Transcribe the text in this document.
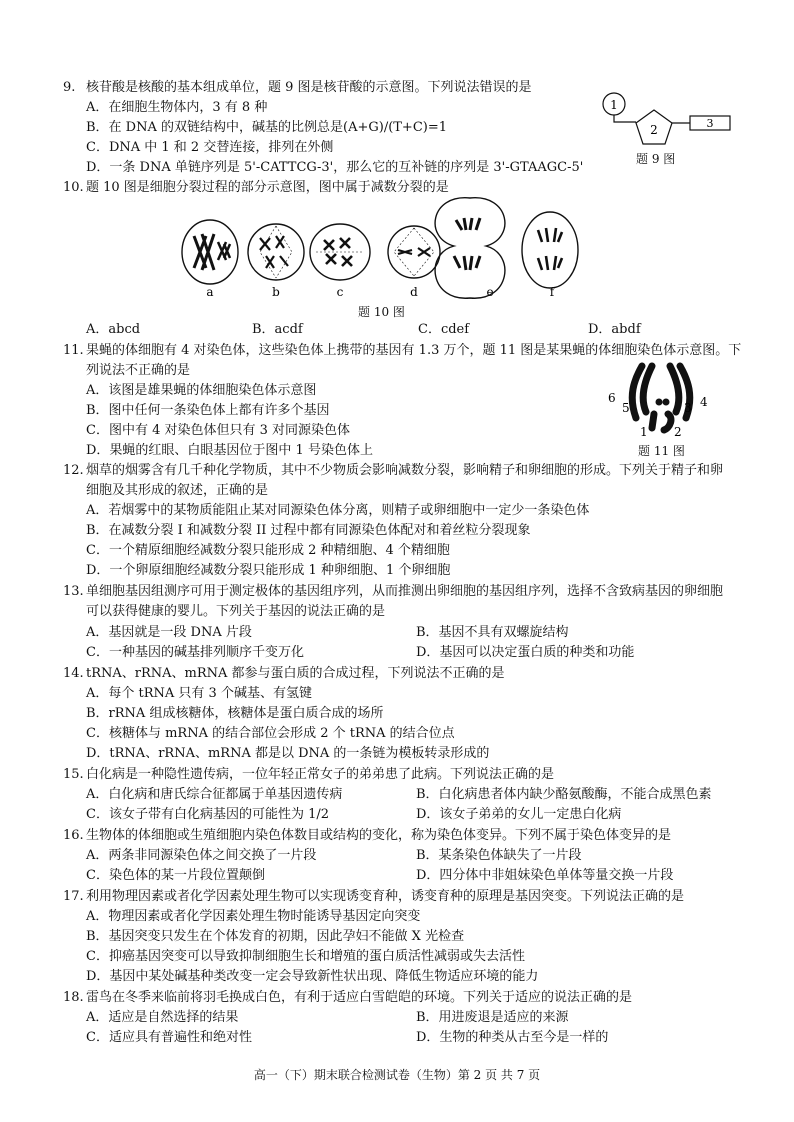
9. 核苷酸是核酸的基本组成单位，题 9 图是核苷酸的示意图。下列说法错误的是
A．在细胞生物体内，3 有 8 种
B．在 DNA 的双链结构中，碱基的比例总是(A+G)/(T+C)=1
C．DNA 中 1 和 2 交替连接，排列在外侧
D．一条 DNA 单链序列是 5'-CATTCG-3'，那么它的互补链的序列是 3'-GTAAGC-5'
1
2	3
题 9 图
10. 题 10 图是细胞分裂过程的部分示意图，图中属于减数分裂的是
a	b	c	d	e	f
题 10 图
A．abcd	B．acdf	C．cdef	D．abdf
11. 果蝇的体细胞有 4 对染色体，这些染色体上携带的基因有 1.3 万个，题 11 图是某果蝇的体细胞染色体示意图。下
列说法不正确的是
A．该图是雄果蝇的体细胞染色体示意图
B．图中任何一条染色体上都有许多个基因
C．图中有 4 对染色体但只有 3 对同源染色体
D．果蝇的红眼、白眼基因位于图中 1 号染色体上
6
5
1 2
3 4
题 11 图
12. 烟草的烟雾含有几千种化学物质，其中不少物质会影响减数分裂，影响精子和卵细胞的形成。下列关于精子和卵
细胞及其形成的叙述，正确的是
A．若烟雾中的某物质能阻止某对同源染色体分离，则精子或卵细胞中一定少一条染色体
B．在减数分裂 I 和减数分裂 II 过程中都有同源染色体配对和着丝粒分裂现象
C．一个精原细胞经减数分裂只能形成 2 种精细胞、4 个精细胞
D．一个卵原细胞经减数分裂只能形成 1 种卵细胞、1 个卵细胞
13. 单细胞基因组测序可用于测定极体的基因组序列，从而推测出卵细胞的基因组序列，选择不含致病基因的卵细胞
可以获得健康的婴儿。下列关于基因的说法正确的是
A．基因就是一段 DNA 片段	B．基因不具有双螺旋结构
C．一种基因的碱基排列顺序千变万化	D．基因可以决定蛋白质的种类和功能
14. tRNA、rRNA、mRNA 都参与蛋白质的合成过程，下列说法不正确的是
A．每个 tRNA 只有 3 个碱基、有氢键
B．rRNA 组成核糖体，核糖体是蛋白质合成的场所
C．核糖体与 mRNA 的结合部位会形成 2 个 tRNA 的结合位点
D．tRNA、rRNA、mRNA 都是以 DNA 的一条链为模板转录形成的
15. 白化病是一种隐性遗传病，一位年轻正常女子的弟弟患了此病。下列说法正确的是
A．白化病和唐氏综合征都属于单基因遗传病	B．白化病患者体内缺少酪氨酸酶，不能合成黑色素
C．该女子带有白化病基因的可能性为 1/2	D．该女子弟弟的女儿一定患白化病
16. 生物体的体细胞或生殖细胞内染色体数目或结构的变化，称为染色体变异。下列不属于染色体变异的是
A．两条非同源染色体之间交换了一片段	B．某条染色体缺失了一片段
C．染色体的某一片段位置颠倒	D．四分体中非姐妹染色单体等量交换一片段
17. 利用物理因素或者化学因素处理生物可以实现诱变育种，诱变育种的原理是基因突变。下列说法正确的是
A．物理因素或者化学因素处理生物时能诱导基因定向突变
B．基因突变只发生在个体发育的初期，因此孕妇不能做 X 光检查
C．抑癌基因突变可以导致抑制细胞生长和增殖的蛋白质活性减弱或失去活性
D．基因中某处碱基种类改变一定会导致新性状出现、降低生物适应环境的能力
18. 雷鸟在冬季来临前将羽毛换成白色，有利于适应白雪皑皑的环境。下列关于适应的说法正确的是
A．适应是自然选择的结果	B．用进废退是适应的来源
C．适应具有普遍性和绝对性	D．生物的种类从古至今是一样的
高一（下）期末联合检测试卷（生物）第 2 页 共 7 页
